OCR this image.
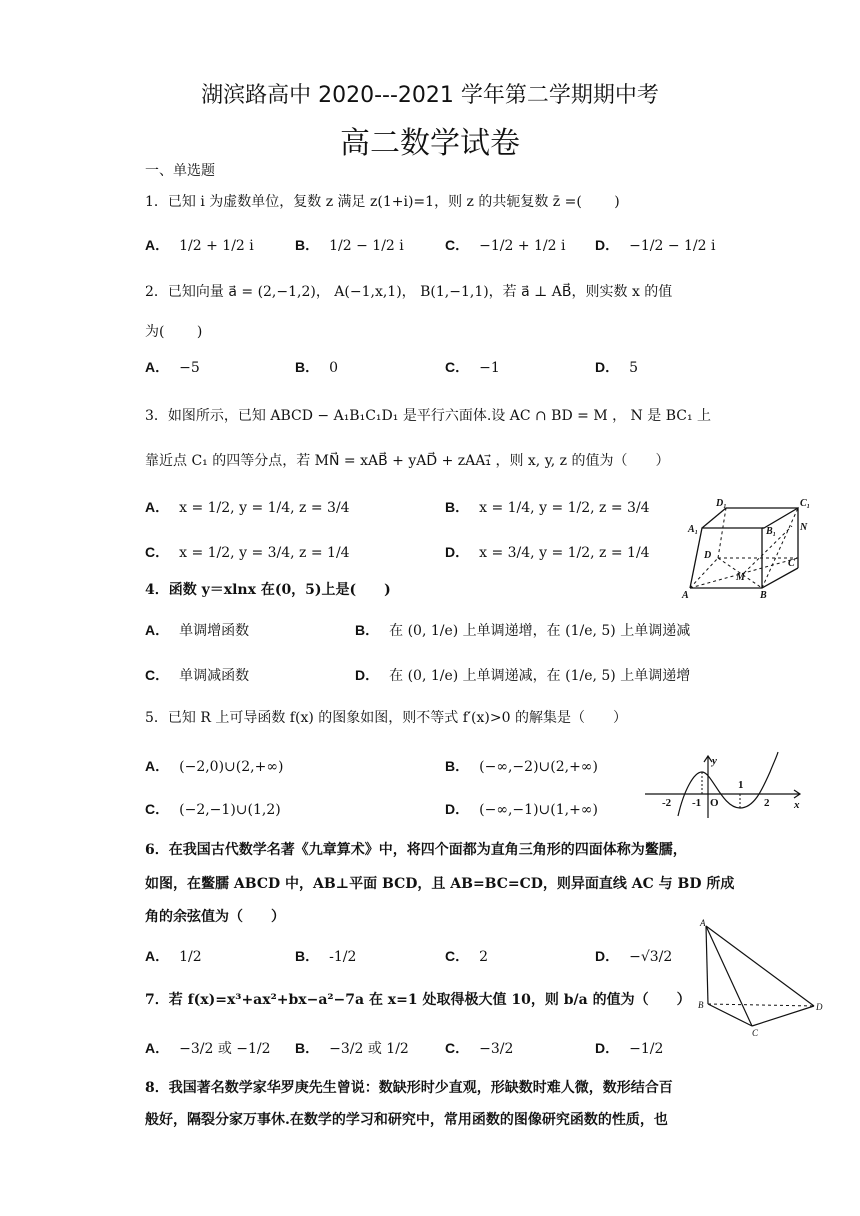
湖滨路高中 2020---2021 学年第二学期期中考
高二数学试卷
一、单选题
1．已知 i 为虚数单位，复数 z 满足 z(1+i)=1，则 z 的共轭复数 z̄ =(　　 )
A． 1/2 + 1/2 i	B． 1/2 − 1/2 i	C． −1/2 + 1/2 i D． −1/2 − 1/2 i
2．已知向量 a⃗ = (2,−1,2)， A(−1,x,1)， B(1,−1,1)，若 a⃗ ⊥ AB⃗，则实数 x 的值
为(　　 )
A． −5	B． 0	C． −1	D． 5
3．如图所示，已知 ABCD − A₁B₁C₁D₁ 是平行六面体.设 AC ∩ BD = M ， N 是 BC₁ 上
靠近点 C₁ 的四等分点，若 MN⃗ = xAB⃗ + yAD⃗ + zAA₁⃗ ，则 x, y, z 的值为（　　）
A． x = 1/2, y = 1/4, z = 3/4	B． x = 1/4, y = 1/2, z = 3/4
C． x = 1/2, y = 3/4, z = 1/4	D． x = 3/4, y = 1/2, z = 1/4
D₁	C₁
A₁	B₁ N
D
C
M
A	B
4．函数 y＝xlnx 在(0，5)上是(　　)
A． 单调增函数	B． 在 (0, 1/e) 上单调递增，在 (1/e, 5) 上单调递减
C． 单调减函数	D． 在 (0, 1/e) 上单调递减，在 (1/e, 5) 上单调递增
5．已知 R 上可导函数 f(x) 的图象如图，则不等式 f′(x)>0 的解集是（　　）
A． (−2,0)∪(2,+∞)	B． (−∞,−2)∪(2,+∞)
C． (−2,−1)∪(1,2)	D． (−∞,−1)∪(1,+∞)
y
-2 -1 O
1
2 x
6．在我国古代数学名著《九章算术》中，将四个面都为直角三角形的四面体称为鳖臑，
如图，在鳖臑 ABCD 中，AB⊥平面 BCD，且 AB=BC=CD，则异面直线 AC 与 BD 所成
角的余弦值为（　　）
A． 1/2	B． -1/2	C． 2	D． −√3/2
A
B
C
D
7．若 f(x)=x³+ax²+bx−a²−7a 在 x=1 处取得极大值 10，则 b/a 的值为（　　）
A． −3/2 或 −1/2 B． −3/2 或 1/2	C． −3/2	D． −1/2
8．我国著名数学家华罗庚先生曾说：数缺形时少直观，形缺数时难人微，数形结合百
般好，隔裂分家万事休.在数学的学习和研究中，常用函数的图像研究函数的性质，也
